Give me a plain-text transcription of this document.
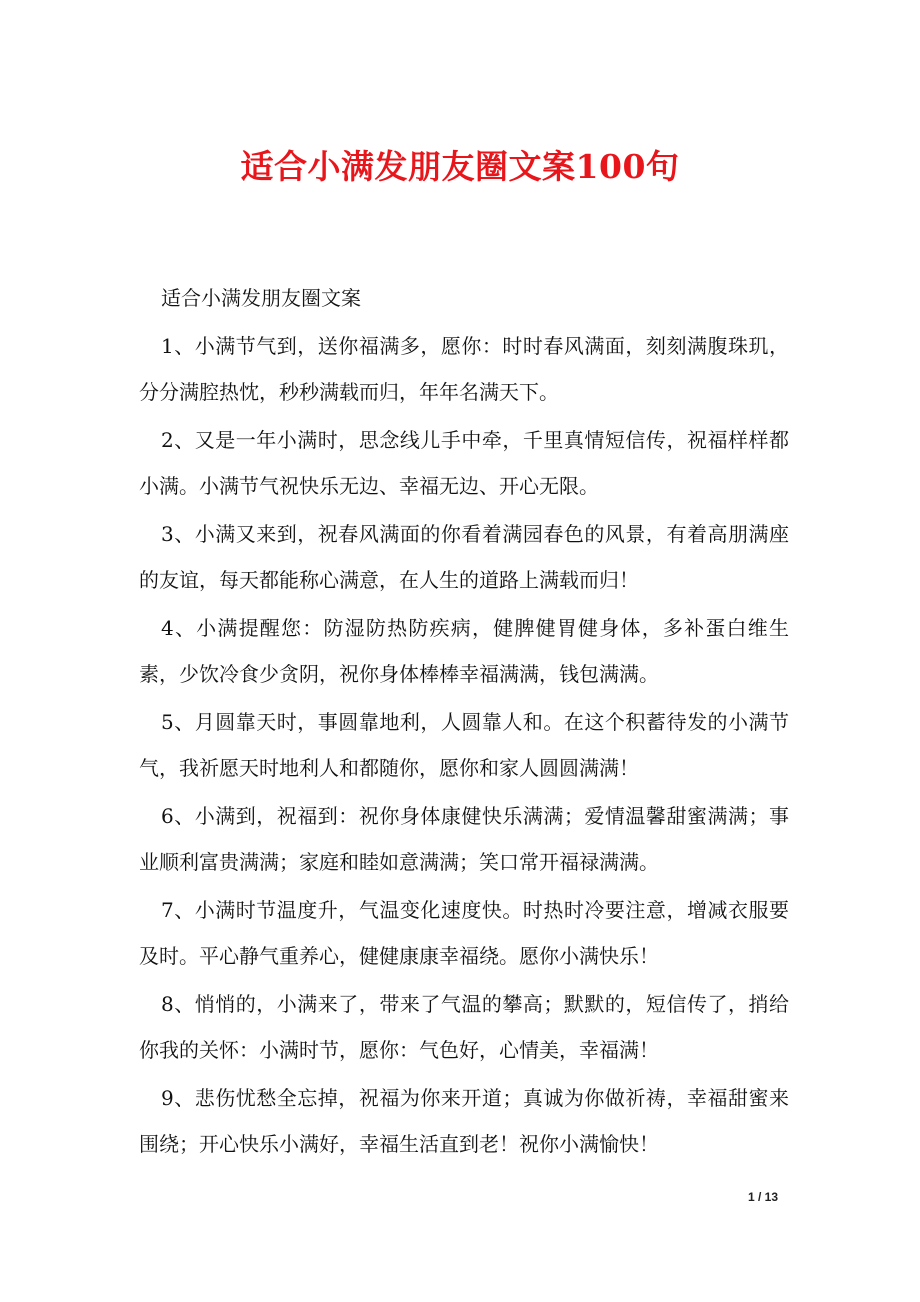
适合小满发朋友圈文案100句

适合小满发朋友圈文案

1、小满节气到，送你福满多，愿你：时时春风满面，刻刻满腹珠玑，分分满腔热忱，秒秒满载而归，年年名满天下。

2、又是一年小满时，思念线儿手中牵，千里真情短信传，祝福样样都小满。小满节气祝快乐无边、幸福无边、开心无限。

3、小满又来到，祝春风满面的你看着满园春色的风景，有着高朋满座的友谊，每天都能称心满意，在人生的道路上满载而归！

4、小满提醒您：防湿防热防疾病，健脾健胃健身体，多补蛋白维生素，少饮冷食少贪阴，祝你身体棒棒幸福满满，钱包满满。

5、月圆靠天时，事圆靠地利，人圆靠人和。在这个积蓄待发的小满节气，我祈愿天时地利人和都随你，愿你和家人圆圆满满！

6、小满到，祝福到：祝你身体康健快乐满满；爱情温馨甜蜜满满；事业顺利富贵满满；家庭和睦如意满满；笑口常开福禄满满。

7、小满时节温度升，气温变化速度快。时热时冷要注意，增减衣服要及时。平心静气重养心，健健康康幸福绕。愿你小满快乐！

8、悄悄的，小满来了，带来了气温的攀高；默默的，短信传了，捎给你我的关怀：小满时节，愿你：气色好，心情美，幸福满！

9、悲伤忧愁全忘掉，祝福为你来开道；真诚为你做祈祷，幸福甜蜜来围绕；开心快乐小满好，幸福生活直到老！祝你小满愉快！

1 / 13
